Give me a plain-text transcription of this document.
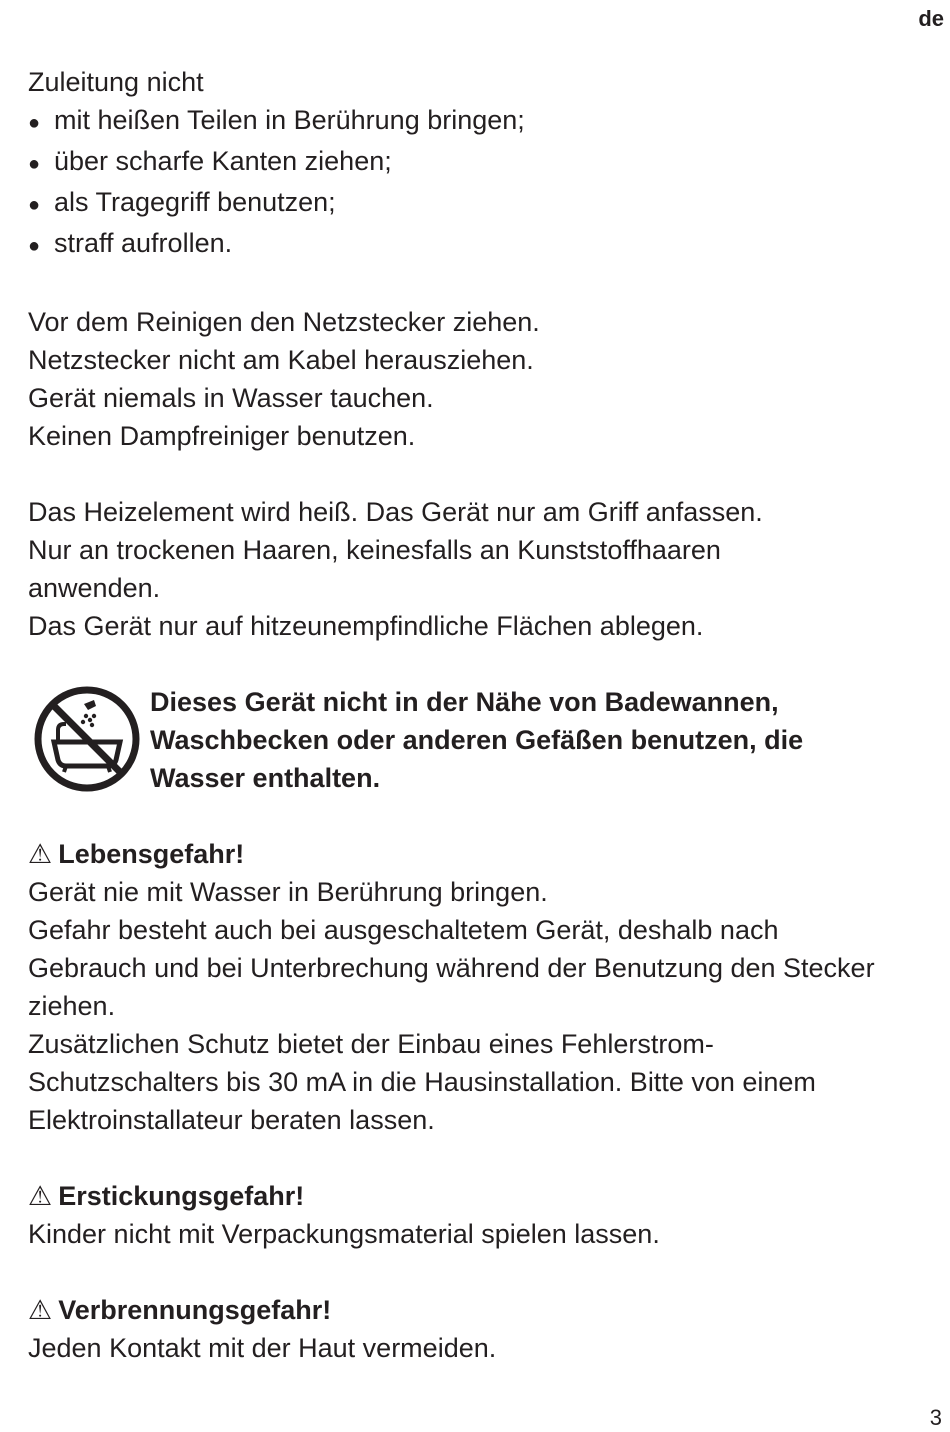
de

Zuleitung nicht

● mit heißen Teilen in Berührung bringen;

● über scharfe Kanten ziehen;

● als Tragegriff benutzen;

● straff aufrollen.

Vor dem Reinigen den Netzstecker ziehen.

Netzstecker nicht am Kabel herausziehen.

Gerät niemals in Wasser tauchen.

Keinen Dampfreiniger benutzen.

Das Heizelement wird heiß. Das Gerät nur am Griff anfassen.

Nur an trockenen Haaren, keinesfalls an Kunststoffhaaren anwenden.

Das Gerät nur auf hitzeunempfindliche Flächen ablegen.

Dieses Gerät nicht in der Nähe von Badewannen, Waschbecken oder anderen Gefäßen benutzen, die Wasser enthalten.

⚠ Lebensgefahr!

Gerät nie mit Wasser in Berührung bringen.

Gefahr besteht auch bei ausgeschaltetem Gerät, deshalb nach Gebrauch und bei Unterbrechung während der Benutzung den Stecker ziehen.

Zusätzlichen Schutz bietet der Einbau eines Fehlerstrom-Schutzschalters bis 30 mA in die Hausinstallation. Bitte von einem Elektroinstallateur beraten lassen.

⚠ Erstickungsgefahr!

Kinder nicht mit Verpackungsmaterial spielen lassen.

⚠ Verbrennungsgefahr!

Jeden Kontakt mit der Haut vermeiden.

3
